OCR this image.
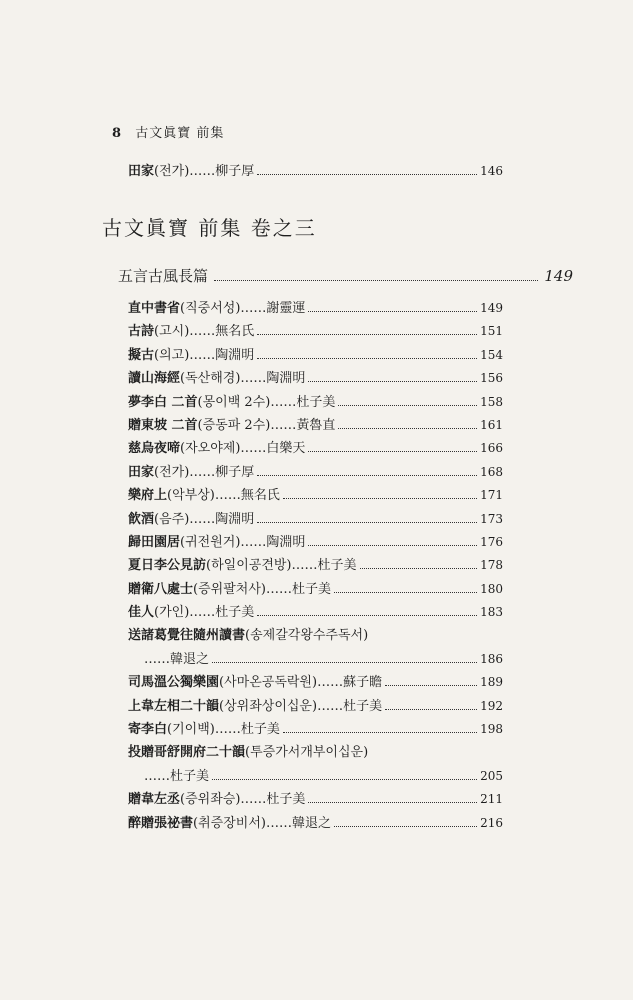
8 古文眞寶 前集
田家 (전가) ……柳子厚	146
古文眞寶 前集 卷之三
五言古風長篇	149
直中書省 (직중서성) ……謝靈運	149
古詩 (고시) ……無名氏	151
擬古 (의고) ……陶淵明	154
讀山海經 (독산해경) ……陶淵明	156
夢李白 二首 (몽이백 2수) ……杜子美	158
贈東坡 二首 (증동파 2수) ……黃魯直	161
慈烏夜啼 (자오야제) ……白樂天	166
田家 (전가) ……柳子厚	168
樂府上 (악부상) ……無名氏	171
飮酒 (음주) ……陶淵明	173
歸田園居 (귀전원거) ……陶淵明	176
夏日李公見訪 (하일이공견방) ……杜子美	178
贈衛八處士 (증위팔처사) ……杜子美	180
佳人 (가인) ……杜子美	183
送諸葛覺往隨州讀書 (송제갈각왕수주독서)
……韓退之	186
司馬溫公獨樂園 (사마온공독락원) ……蘇子瞻	189
上韋左相二十韻 (상위좌상이십운) ……杜子美	192
寄李白 (기이백) ……杜子美	198
投贈哥舒開府二十韻 (투증가서개부이십운)
……杜子美	205
贈韋左丞 (증위좌승) ……杜子美	211
醉贈張祕書 (취증장비서) ……韓退之	216
